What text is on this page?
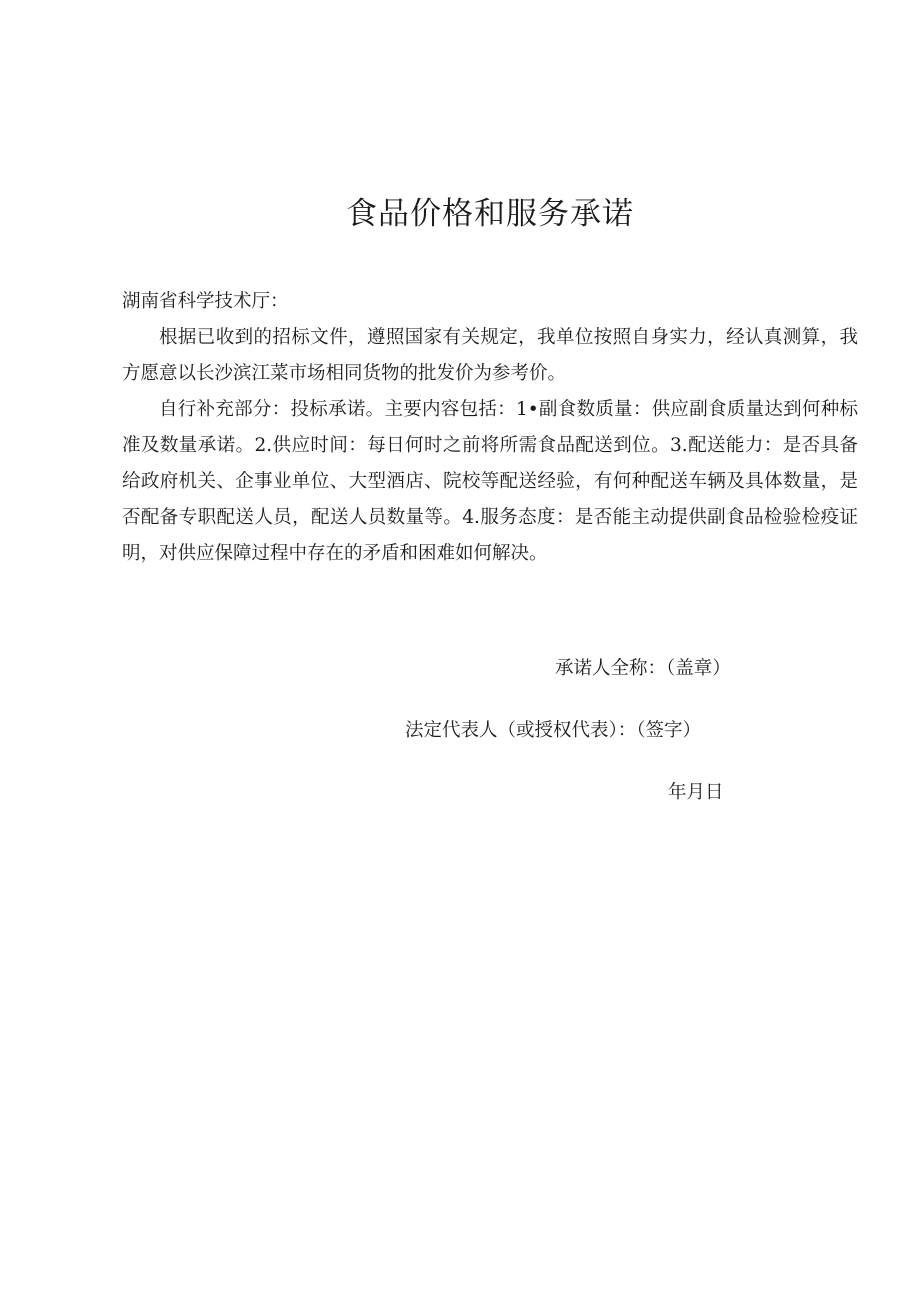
食品价格和服务承诺
湖南省科学技术厅：

根据已收到的招标文件，遵照国家有关规定，我单位按照自身实力，经认真测算，我方愿意以长沙滨江菜市场相同货物的批发价为参考价。

自行补充部分：投标承诺。主要内容包括：1•副食数质量：供应副食质量达到何种标准及数量承诺。2.供应时间：每日何时之前将所需食品配送到位。3.配送能力：是否具备给政府机关、企事业单位、大型酒店、院校等配送经验，有何种配送车辆及具体数量，是否配备专职配送人员，配送人员数量等。4.服务态度：是否能主动提供副食品检验检疫证明，对供应保障过程中存在的矛盾和困难如何解决。

承诺人全称：（盖章）
法定代表人（或授权代表）：（签字）
年月日
